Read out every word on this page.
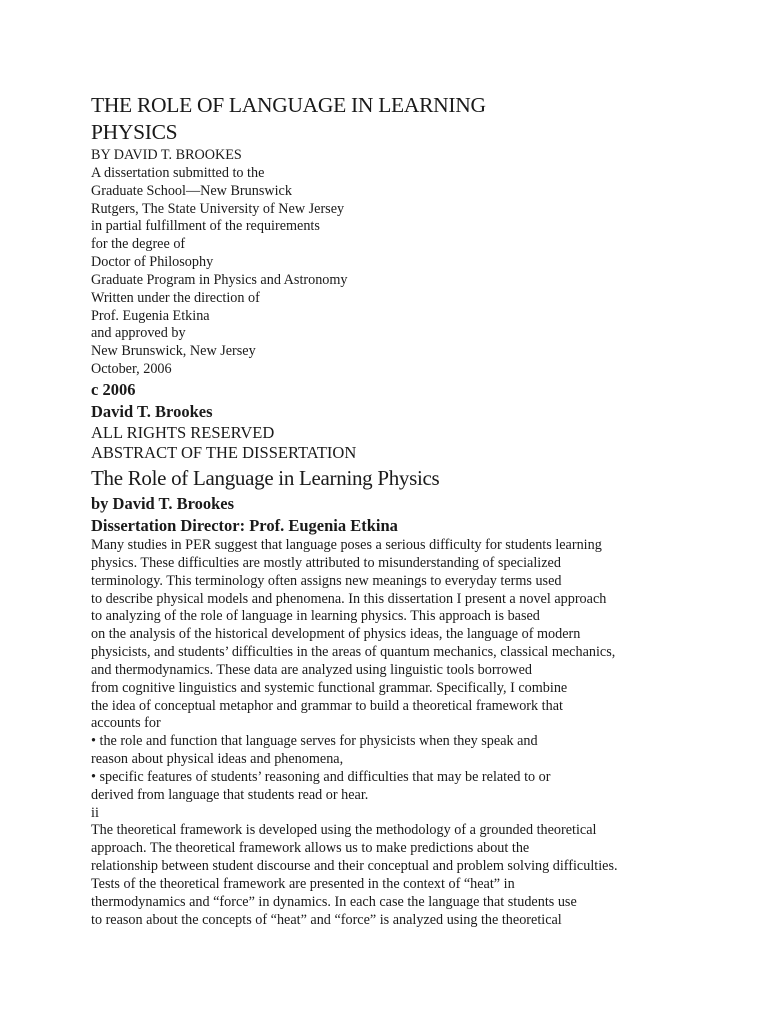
THE ROLE OF LANGUAGE IN LEARNING
PHYSICS
BY DAVID T. BROOKES
A dissertation submitted to the
Graduate School—New Brunswick
Rutgers, The State University of New Jersey
in partial fulfillment of the requirements
for the degree of
Doctor of Philosophy
Graduate Program in Physics and Astronomy
Written under the direction of
Prof. Eugenia Etkina
and approved by
New Brunswick, New Jersey
October, 2006
c 2006
David T. Brookes
ALL RIGHTS RESERVED
ABSTRACT OF THE DISSERTATION
The Role of Language in Learning Physics
by David T. Brookes
Dissertation Director: Prof. Eugenia Etkina
Many studies in PER suggest that language poses a serious difficulty for students learning
physics. These difficulties are mostly attributed to misunderstanding of specialized
terminology. This terminology often assigns new meanings to everyday terms used
to describe physical models and phenomena. In this dissertation I present a novel approach
to analyzing of the role of language in learning physics. This approach is based
on the analysis of the historical development of physics ideas, the language of modern
physicists, and students’ difficulties in the areas of quantum mechanics, classical mechanics,
and thermodynamics. These data are analyzed using linguistic tools borrowed
from cognitive linguistics and systemic functional grammar. Specifically, I combine
the idea of conceptual metaphor and grammar to build a theoretical framework that
accounts for
• the role and function that language serves for physicists when they speak and
reason about physical ideas and phenomena,
• specific features of students’ reasoning and difficulties that may be related to or
derived from language that students read or hear.
ii
The theoretical framework is developed using the methodology of a grounded theoretical
approach. The theoretical framework allows us to make predictions about the
relationship between student discourse and their conceptual and problem solving difficulties.
Tests of the theoretical framework are presented in the context of “heat” in
thermodynamics and “force” in dynamics. In each case the language that students use
to reason about the concepts of “heat” and “force” is analyzed using the theoretical
